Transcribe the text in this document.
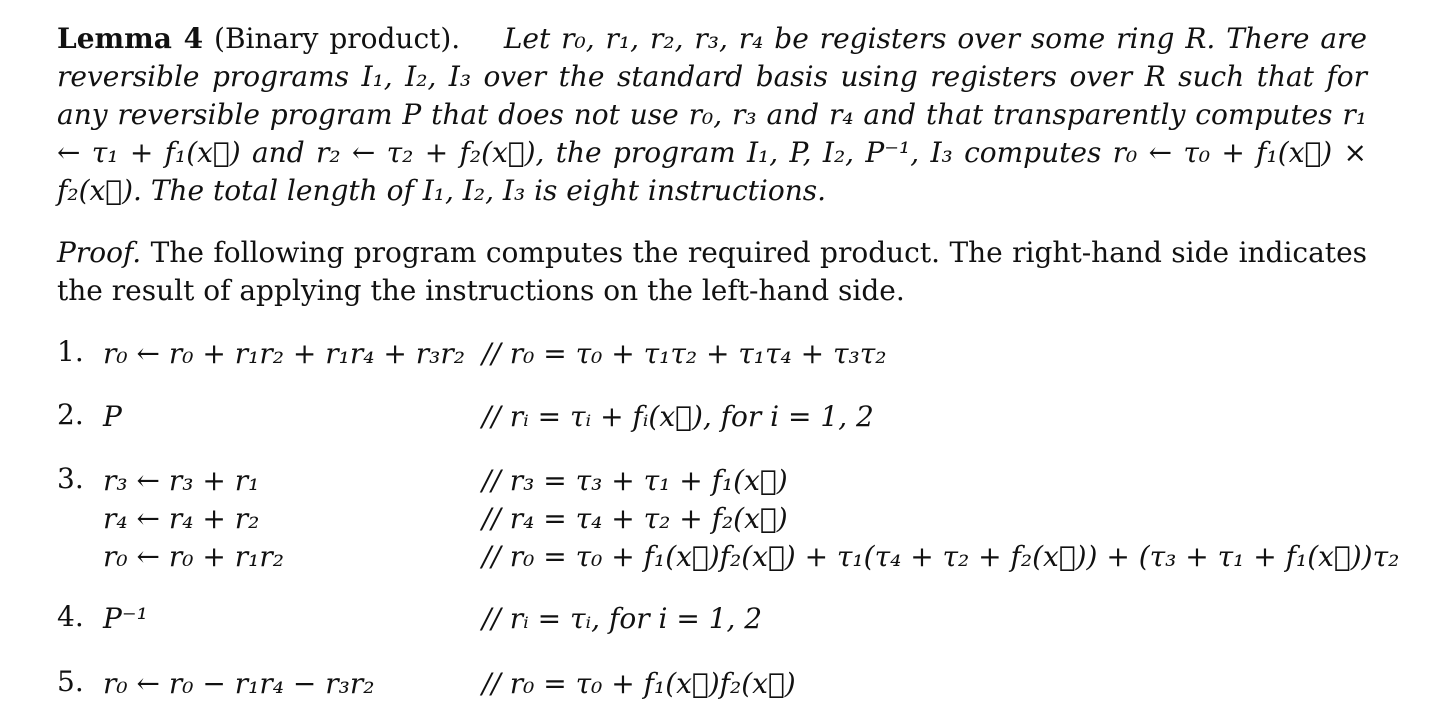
Lemma 4 (Binary product). Let r₀, r₁, r₂, r₃, r₄ be registers over some ring R. There are reversible programs I₁, I₂, I₃ over the standard basis using registers over R such that for any reversible program P that does not use r₀, r₃ and r₄ and that transparently computes r₁ ← τ₁ + f₁(x⃗) and r₂ ← τ₂ + f₂(x⃗), the program I₁, P, I₂, P⁻¹, I₃ computes r₀ ← τ₀ + f₁(x⃗) × f₂(x⃗). The total length of I₁, I₂, I₃ is eight instructions.
Proof. The following program computes the required product. The right-hand side indicates the result of applying the instructions on the left-hand side.
1. r₀ ← r₀ + r₁r₂ + r₁r₄ + r₃r₂ // r₀ = τ₀ + τ₁τ₂ + τ₁τ₄ + τ₃τ₂
2. P	// rᵢ = τᵢ + fᵢ(x⃗), for i = 1, 2
3. r₃ ← r₃ + r₁	// r₃ = τ₃ + τ₁ + f₁(x⃗)
r₄ ← r₄ + r₂	// r₄ = τ₄ + τ₂ + f₂(x⃗)
r₀ ← r₀ + r₁r₂	// r₀ = τ₀ + f₁(x⃗)f₂(x⃗) + τ₁(τ₄ + τ₂ + f₂(x⃗)) + (τ₃ + τ₁ + f₁(x⃗))τ₂
4. P⁻¹	// rᵢ = τᵢ, for i = 1, 2
5. r₀ ← r₀ − r₁r₄ − r₃r₂	// r₀ = τ₀ + f₁(x⃗)f₂(x⃗)
